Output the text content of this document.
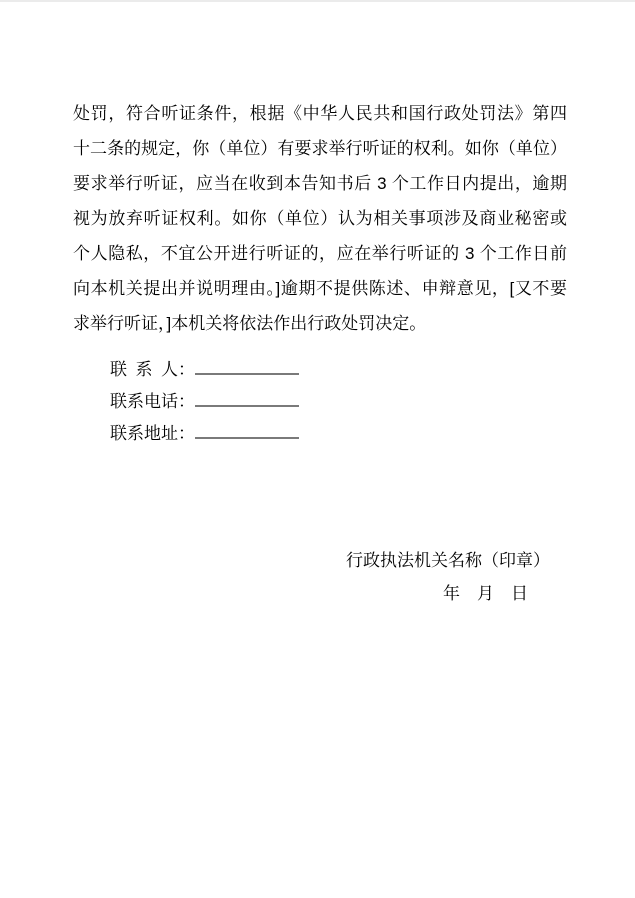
处罚，符合听证条件，根据《中华人民共和国行政处罚法》第四
十二条的规定，你（单位）有要求举行听证的权利。如你（单位）
要求举行听证，应当在收到本告知书后 3 个工作日内提出，逾期
视为放弃听证权利。如你（单位）认为相关事项涉及商业秘密或
个人隐私，不宜公开进行听证的，应在举行听证的 3 个工作日前
向本机关提出并说明理由。]逾期不提供陈述、申辩意见，[又不要
求举行听证，]本机关将依法作出行政处罚决定。
联 系 人：
联系电话：
联系地址：
行政执法机关名称（印章）
年　月　日
